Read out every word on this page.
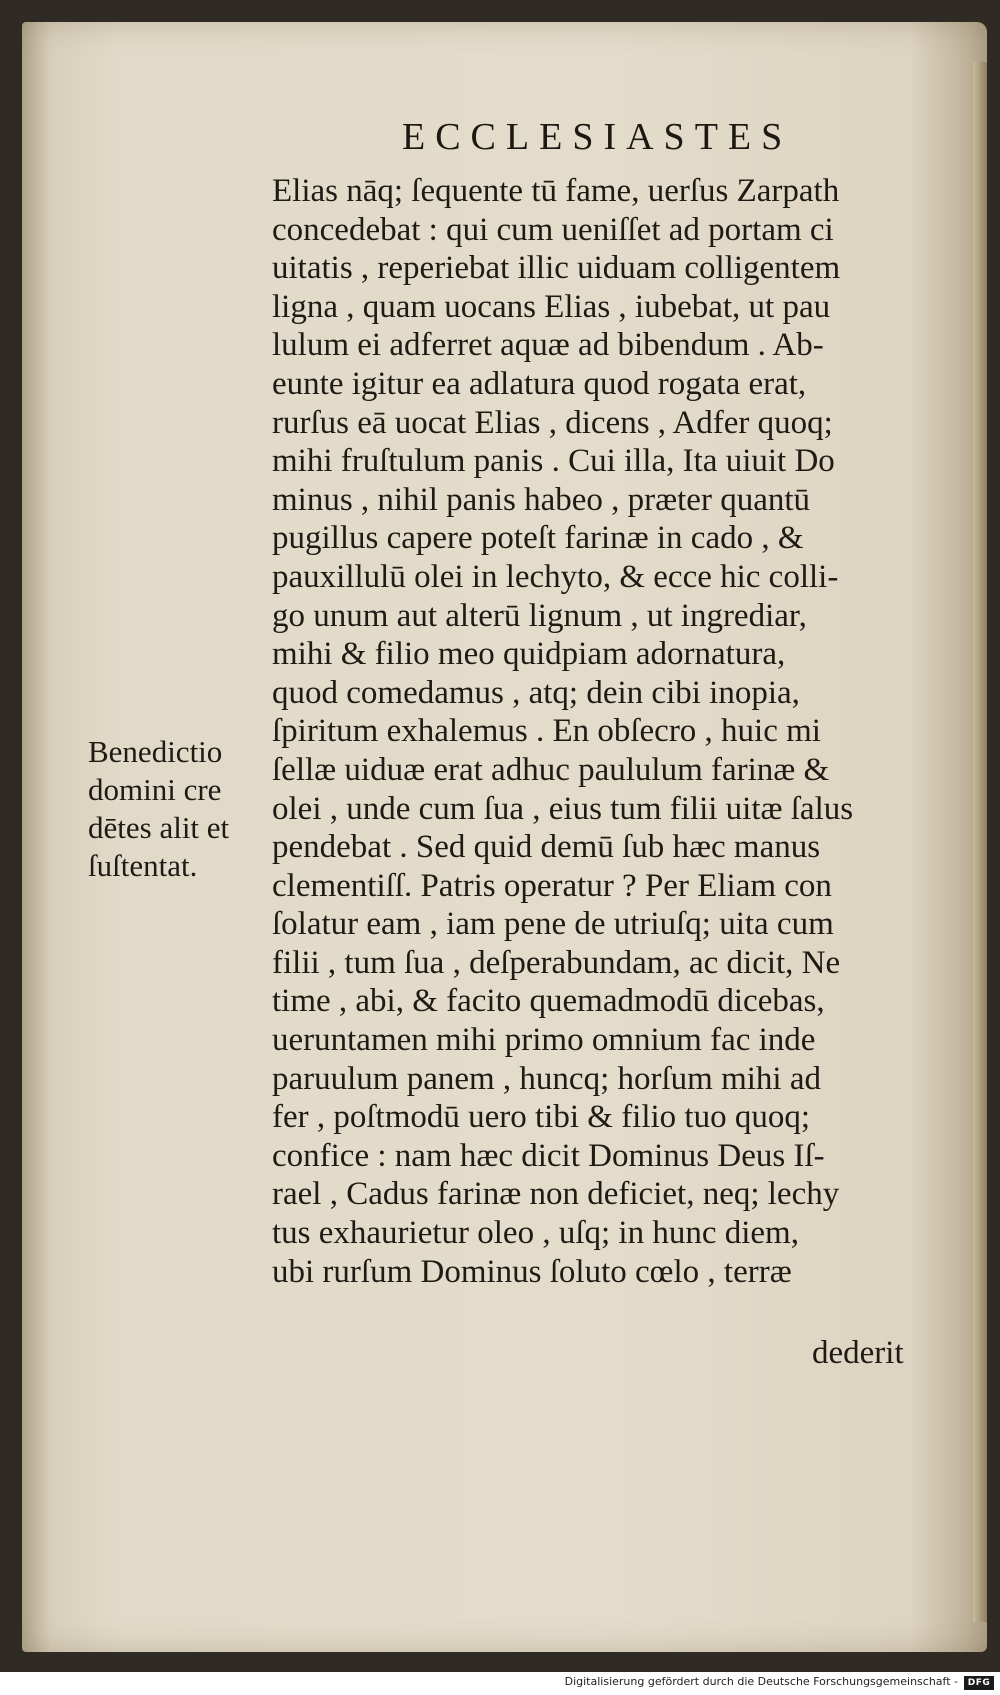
ECCLESIASTES
Elias nāq; ſequente tū fame, uerſus Zarpath
concedebat : qui cum ueniſſet ad portam ci
uitatis , reperiebat illic uiduam colligentem
ligna , quam uocans Elias , iubebat, ut pau
lulum ei adferret aquæ ad bibendum . Ab-
eunte igitur ea adlatura quod rogata erat,
rurſus eā uocat Elias , dicens , Adfer quoq;
mihi fruſtulum panis . Cui illa, Ita uiuit Do
minus , nihil panis habeo , præter quantū
pugillus capere poteſt farinæ in cado , &
pauxillulū olei in lechyto, & ecce hic colli-
go unum aut alterū lignum , ut ingrediar,
mihi & filio meo quidpiam adornatura,
quod comedamus , atq; dein cibi inopia,
ſpiritum exhalemus . En obſecro , huic mi
ſellæ uiduæ erat adhuc paululum farinæ &
olei , unde cum ſua , eius tum filii uitæ ſalus
pendebat . Sed quid demū ſub hæc manus
clementiſſ. Patris operatur ? Per Eliam con
ſolatur eam , iam pene de utriuſq; uita cum
filii , tum ſua , deſperabundam, ac dicit, Ne
time , abi, & facito quemadmodū dicebas,
ueruntamen mihi primo omnium fac inde
paruulum panem , huncq; horſum mihi ad
fer , poſtmodū uero tibi & filio tuo quoq;
confice : nam hæc dicit Dominus Deus Iſ-
rael , Cadus farinæ non deficiet, neq; lechy
tus exhaurietur oleo , uſq; in hunc diem,
ubi rurſum Dominus ſoluto cœlo , terræ
dederit
Benedictio
domini cre
dētes alit et
ſuſtentat.
Digitalisierung gefördert durch die Deutsche Forschungsgemeinschaft -	DFG
